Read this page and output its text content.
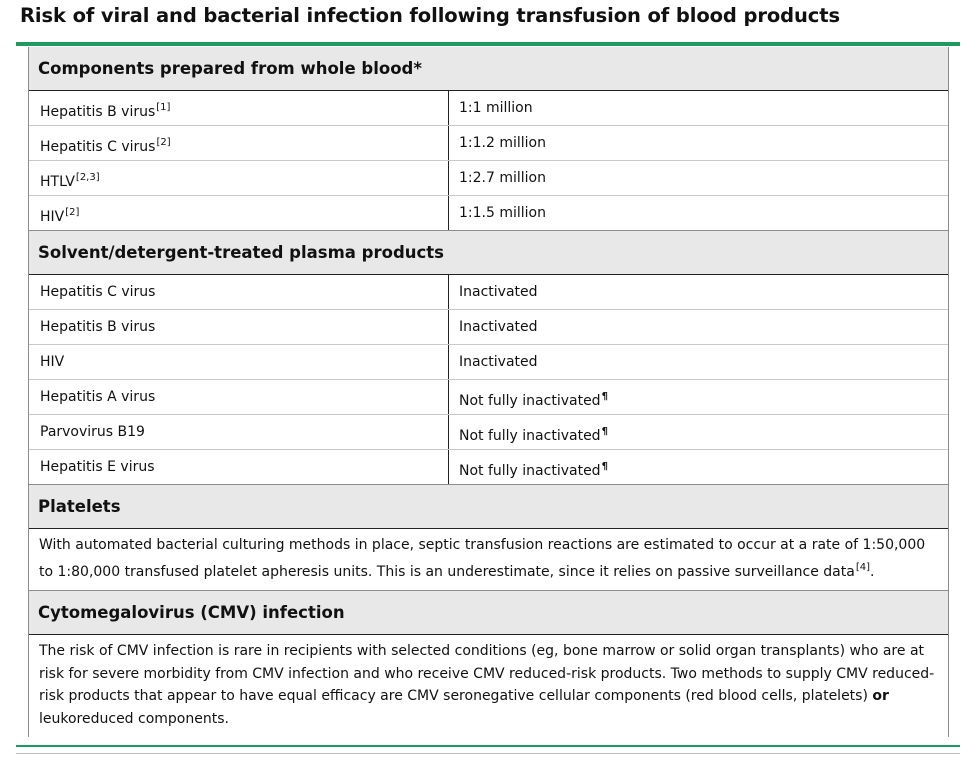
Risk of viral and bacterial infection following transfusion of blood products
Components prepared from whole blood*
Hepatitis B virus[1]	1:1 million
Hepatitis C virus[2]	1:1.2 million
HTLV[2,3]	1:2.7 million
HIV[2]	1:1.5 million
Solvent/detergent-treated plasma products
Hepatitis C virus	Inactivated
Hepatitis B virus	Inactivated
HIV	Inactivated
Hepatitis A virus	Not fully inactivated¶
Parvovirus B19	Not fully inactivated¶
Hepatitis E virus	Not fully inactivated¶
Platelets
With automated bacterial culturing methods in place, septic transfusion reactions are estimated to occur at a rate of 1:50,000 to 1:80,000 transfused platelet apheresis units. This is an underestimate, since it relies on passive surveillance data[4].
Cytomegalovirus (CMV) infection
The risk of CMV infection is rare in recipients with selected conditions (eg, bone marrow or solid organ transplants) who are at risk for severe morbidity from CMV infection and who receive CMV reduced-risk products. Two methods to supply CMV reduced-risk products that appear to have equal efficacy are CMV seronegative cellular components (red blood cells, platelets) or leukoreduced components.
